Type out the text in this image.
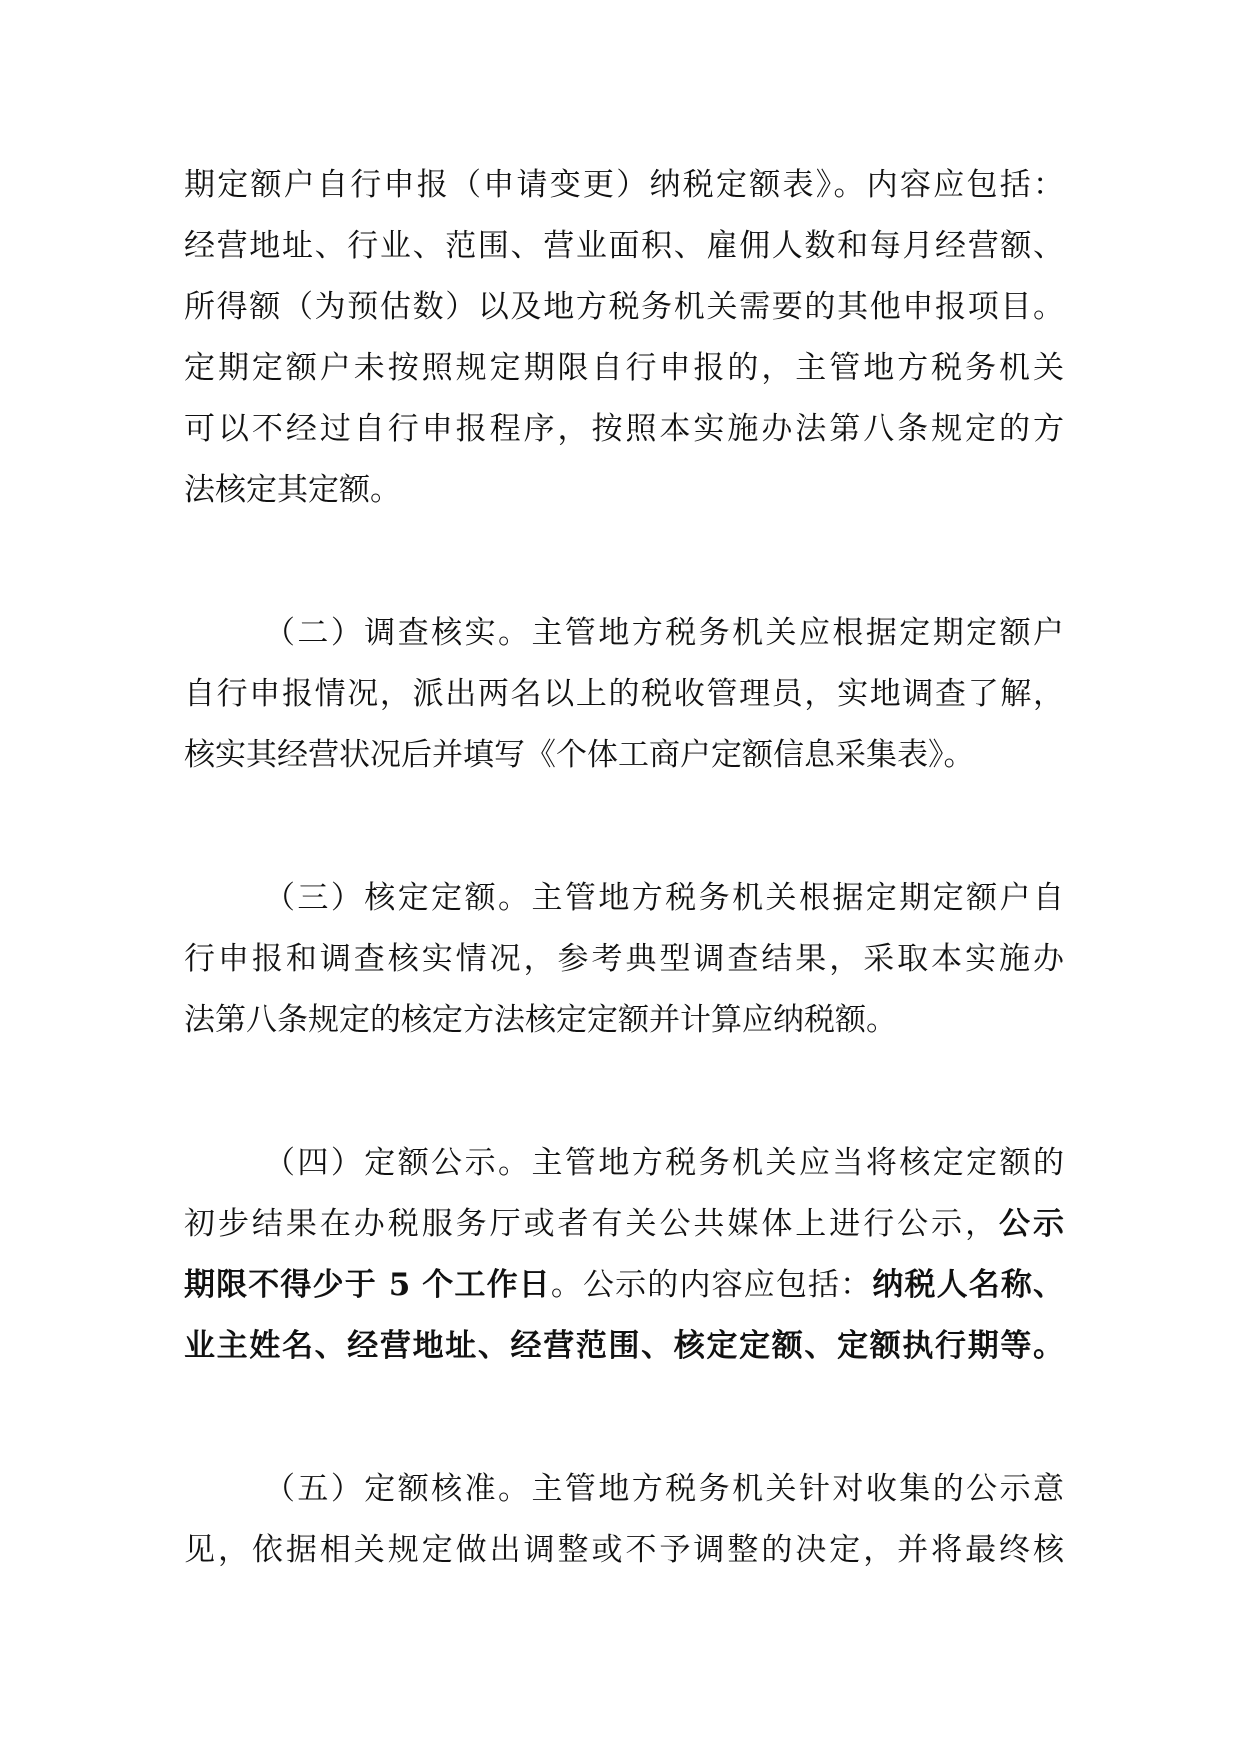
期定额户自行申报（申请变更）纳税定额表》。内容应包括：
经营地址、行业、范围、营业面积、雇佣人数和每月经营额、
所得额（为预估数）以及地方税务机关需要的其他申报项目。
定期定额户未按照规定期限自行申报的，主管地方税务机关
可以不经过自行申报程序，按照本实施办法第八条规定的方
法核定其定额。
（二）调查核实。主管地方税务机关应根据定期定额户
自行申报情况，派出两名以上的税收管理员，实地调查了解，
核实其经营状况后并填写《个体工商户定额信息采集表》。
（三）核定定额。主管地方税务机关根据定期定额户自
行申报和调查核实情况，参考典型调查结果，采取本实施办
法第八条规定的核定方法核定定额并计算应纳税额。
（四）定额公示。主管地方税务机关应当将核定定额的
初步结果在办税服务厅或者有关公共媒体上进行公示，公示
期限不得少于 5 个工作日。公示的内容应包括：纳税人名称、
业主姓名、经营地址、经营范围、核定定额、定额执行期等。
（五）定额核准。主管地方税务机关针对收集的公示意
见，依据相关规定做出调整或不予调整的决定，并将最终核
